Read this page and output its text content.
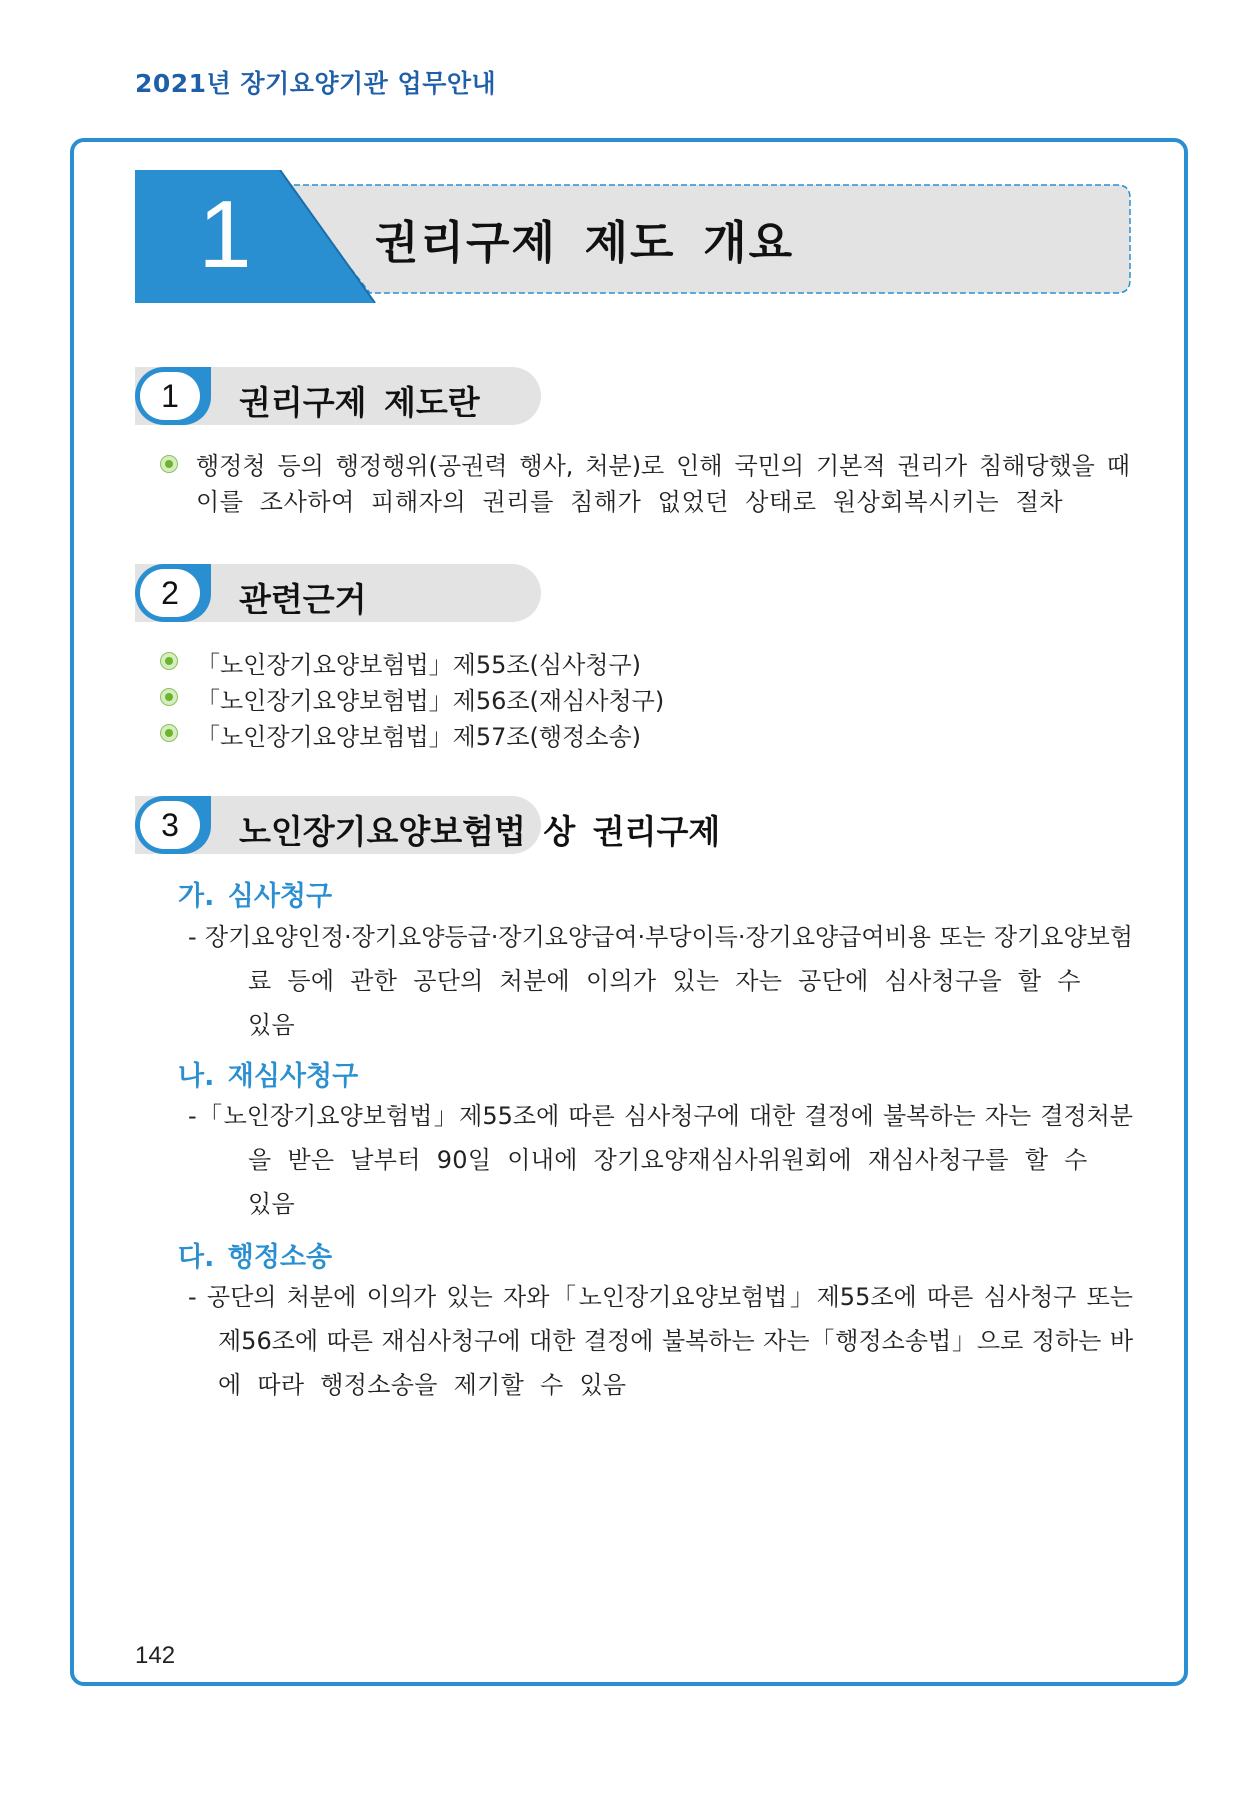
2021년 장기요양기관 업무안내
1	권리구제 제도 개요
1	권리구제 제도란
행정청 등의 행정행위(공권력 행사, 처분)로 인해 국민의 기본적 권리가 침해당했을 때
이를 조사하여 피해자의 권리를 침해가 없었던 상태로 원상회복시키는 절차
2	관련근거
「노인장기요양보험법」제55조(심사청구)
「노인장기요양보험법」제56조(재심사청구)
「노인장기요양보험법」제57조(행정소송)
3	노인장기요양보험법 상 권리구제
가. 심사청구
- 장기요양인정·장기요양등급·장기요양급여·부당이득·장기요양급여비용 또는 장기요양보험
료 등에 관한 공단의 처분에 이의가 있는 자는 공단에 심사청구을 할 수 있음
나. 재심사청구
-「노인장기요양보험법」제55조에 따른 심사청구에 대한 결정에 불복하는 자는 결정처분
을 받은 날부터 90일 이내에 장기요양재심사위원회에 재심사청구를 할 수 있음
다. 행정소송
- 공단의 처분에 이의가 있는 자와「노인장기요양보험법」제55조에 따른 심사청구 또는
제56조에 따른 재심사청구에 대한 결정에 불복하는 자는「행정소송법」으로 정하는 바
에 따라 행정소송을 제기할 수 있음
142
